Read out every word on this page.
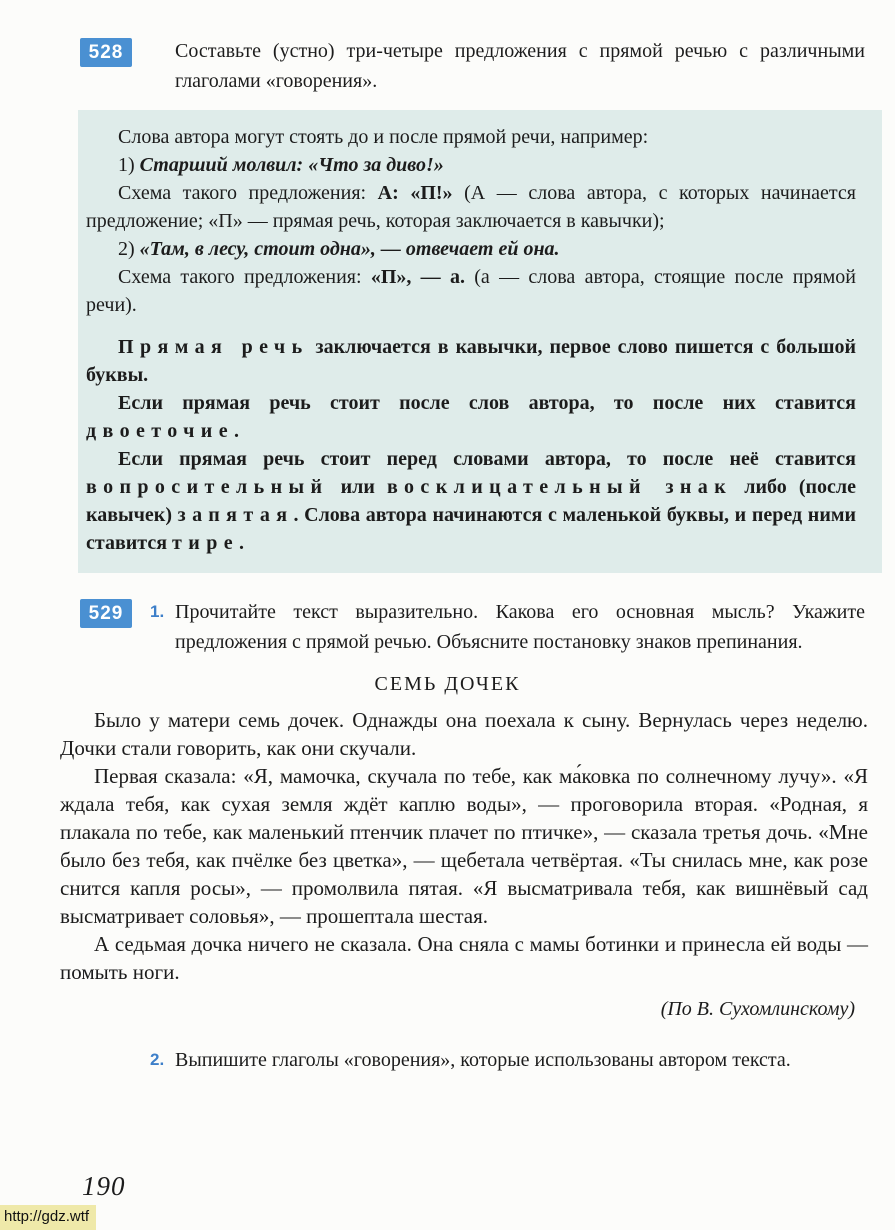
528	Составьте (устно) три-четыре предложения с прямой речью с различными глаголами «говорения».

Слова автора могут стоять до и после прямой речи, например:

1) Старший молвил: «Что за диво!»

Схема такого предложения: А: «П!» (А — слова автора, с которых начинается предложение; «П» — прямая речь, которая заключается в кавычки);

2) «Там, в лесу, стоит одна», — отвечает ей она.

Схема такого предложения: «П», — а. (а — слова автора, стоящие после прямой речи).

Прямая речь заключается в кавычки, первое слово пишется с большой буквы.

Если прямая речь стоит после слов автора, то после них ставится двоеточие.

Если прямая речь стоит перед словами автора, то после неё ставится вопросительный или восклицательный знак либо (после кавычек) запятая. Слова автора начинаются с маленькой буквы, и перед ними ставится тире.

529	1. Прочитайте текст выразительно. Какова его основная мысль? Укажите предложения с прямой речью. Объясните постановку знаков препинания.

СЕМЬ ДОЧЕК

Было у матери семь дочек. Однажды она поехала к сыну. Вернулась через неделю. Дочки стали говорить, как они скучали.

Первая сказала: «Я, мамочка, скучала по тебе, как ма́ковка по солнечному лучу». «Я ждала тебя, как сухая земля ждёт каплю воды», — проговорила вторая. «Родная, я плакала по тебе, как маленький птенчик плачет по птичке», — сказала третья дочь. «Мне было без тебя, как пчёлке без цветка», — щебетала четвёртая. «Ты снилась мне, как розе снится капля росы», — промолвила пятая. «Я высматривала тебя, как вишнёвый сад высматривает соловья», — прошептала шестая.

А седьмая дочка ничего не сказала. Она сняла с мамы ботинки и принесла ей воды — помыть ноги.

(По В. Сухомлинскому)

2. Выпишите глаголы «говорения», которые использованы автором текста.

190
http://gdz.wtf
